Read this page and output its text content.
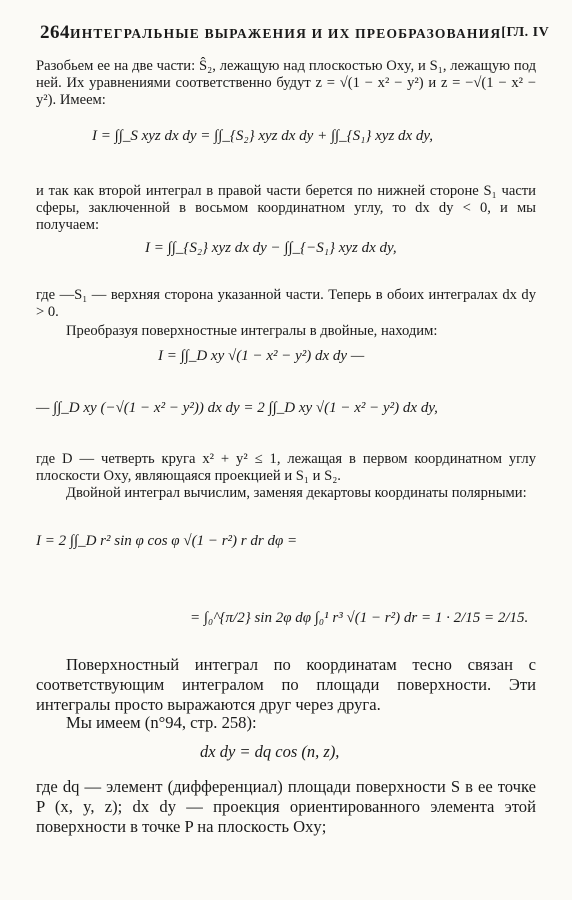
264 ИНТЕГРАЛЬНЫЕ ВЫРАЖЕНИЯ И ИХ ПРЕОБРАЗОВАНИЯ [ГЛ. IV
Разобьем ее на две части: Ŝ₂, лежащую над плоскостью Oxy, и S₁, лежащую под ней. Их уравнениями соответственно будут z = √(1 − x² − y²) и z = −√(1 − x² − y²). Имеем:
I = ∫∫_S xyz dx dy = ∫∫_{S₂} xyz dx dy + ∫∫_{S₁} xyz dx dy,
и так как второй интеграл в правой части берется по нижней стороне S₁ части сферы, заключенной в восьмом координатном углу, то dx dy < 0, и мы получаем:
I = ∫∫_{S₂} xyz dx dy − ∫∫_{−S₁} xyz dx dy,
где —S₁ — верхняя сторона указанной части. Теперь в обоих интегралах dx dy > 0.
Преобразуя поверхностные интегралы в двойные, находим:
I = ∫∫_D xy √(1 − x² − y²) dx dy —
— ∫∫_D xy (−√(1 − x² − y²)) dx dy = 2 ∫∫_D xy √(1 − x² − y²) dx dy,
где D — четверть круга x² + y² ≤ 1, лежащая в первом координатном углу плоскости Oxy, являющаяся проекцией и S₁ и S₂.
Двойной интеграл вычислим, заменяя декартовы координаты полярными:
I = 2 ∫∫_D r² sin φ cos φ √(1 − r²) r dr dφ =
= ∫₀^{π/2} sin 2φ dφ ∫₀¹ r³ √(1 − r²) dr = 1 · 2/15 = 2/15.
Поверхностный интеграл по координатам тесно связан с соответствующим интегралом по площади поверхности. Эти интегралы просто выражаются друг через друга.
Мы имеем (n°94, стр. 258):
dx dy = dq cos (n, z),
где dq — элемент (дифференциал) площади поверхности S в ее точке P (x, y, z); dx dy — проекция ориентированного элемента этой поверхности в точке P на плоскость Oxy;
